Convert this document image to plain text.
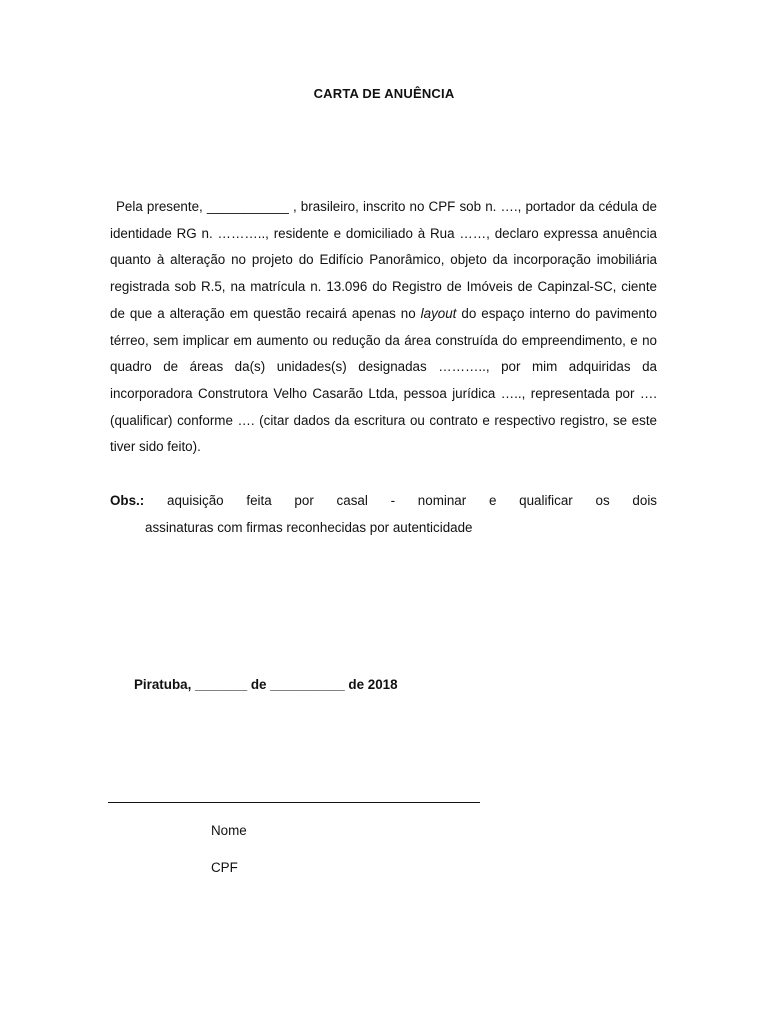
CARTA DE ANUÊNCIA

Pela presente, ___________ , brasileiro, inscrito no CPF sob n. …., portador da cédula de identidade RG n. ……….., residente e domiciliado à Rua ……, declaro expressa anuência quanto à alteração no projeto do Edifício Panorâmico, objeto da incorporação imobiliária registrada sob R.5, na matrícula n. 13.096 do Registro de Imóveis de Capinzal-SC, ciente de que a alteração em questão recairá apenas no layout do espaço interno do pavimento térreo, sem implicar em aumento ou redução da área construída do empreendimento, e no quadro de áreas da(s) unidades(s) designadas ……….., por mim adquiridas da incorporadora Construtora Velho Casarão Ltda, pessoa jurídica ….., representada por …. (qualificar) conforme …. (citar dados da escritura ou contrato e respectivo registro, se este tiver sido feito).

Obs.: aquisição feita por casal - nominar e qualificar os dois
assinaturas com firmas reconhecidas por autenticidade
Piratuba, _______ de __________ de 2018
Nome
CPF
